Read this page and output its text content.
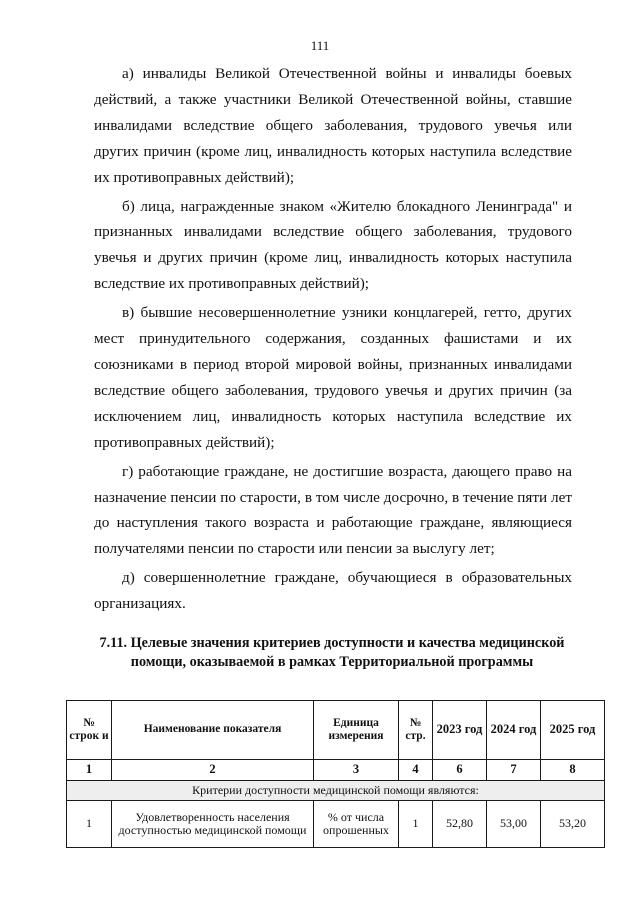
111

а) инвалиды Великой Отечественной войны и инвалиды боевых действий, а также участники Великой Отечественной войны, ставшие инвалидами вследствие общего заболевания, трудового увечья или других причин (кроме лиц, инвалидность которых наступила вследствие их противоправных действий);

б) лица, награжденные знаком «Жителю блокадного Ленинграда" и признанных инвалидами вследствие общего заболевания, трудового увечья и других причин (кроме лиц, инвалидность которых наступила вследствие их противоправных действий);

в) бывшие несовершеннолетние узники концлагерей, гетто, других мест принудительного содержания, созданных фашистами и их союзниками в период второй мировой войны, признанных инвалидами вследствие общего заболевания, трудового увечья и других причин (за исключением лиц, инвалидность которых наступила вследствие их противоправных действий);

г) работающие граждане, не достигшие возраста, дающего право на назначение пенсии по старости, в том числе досрочно, в течение пяти лет до наступления такого возраста и работающие граждане, являющиеся получателями пенсии по старости или пенсии за выслугу лет;

д) совершеннолетние граждане, обучающиеся в образовательных организациях.

7.11. Целевые значения критериев доступности и качества медицинской помощи, оказываемой в рамках Территориальной программы
№ строк и	Наименование показателя	Единица измерения	№ стр.	2023 год	2024 год	2025 год
1	2	3	4	6	7	8
Критерии доступности медицинской помощи являются:						
1	Удовлетворенность населения доступностью медицинской помощи	% от числа опрошенных	1	52,80	53,00	53,20
